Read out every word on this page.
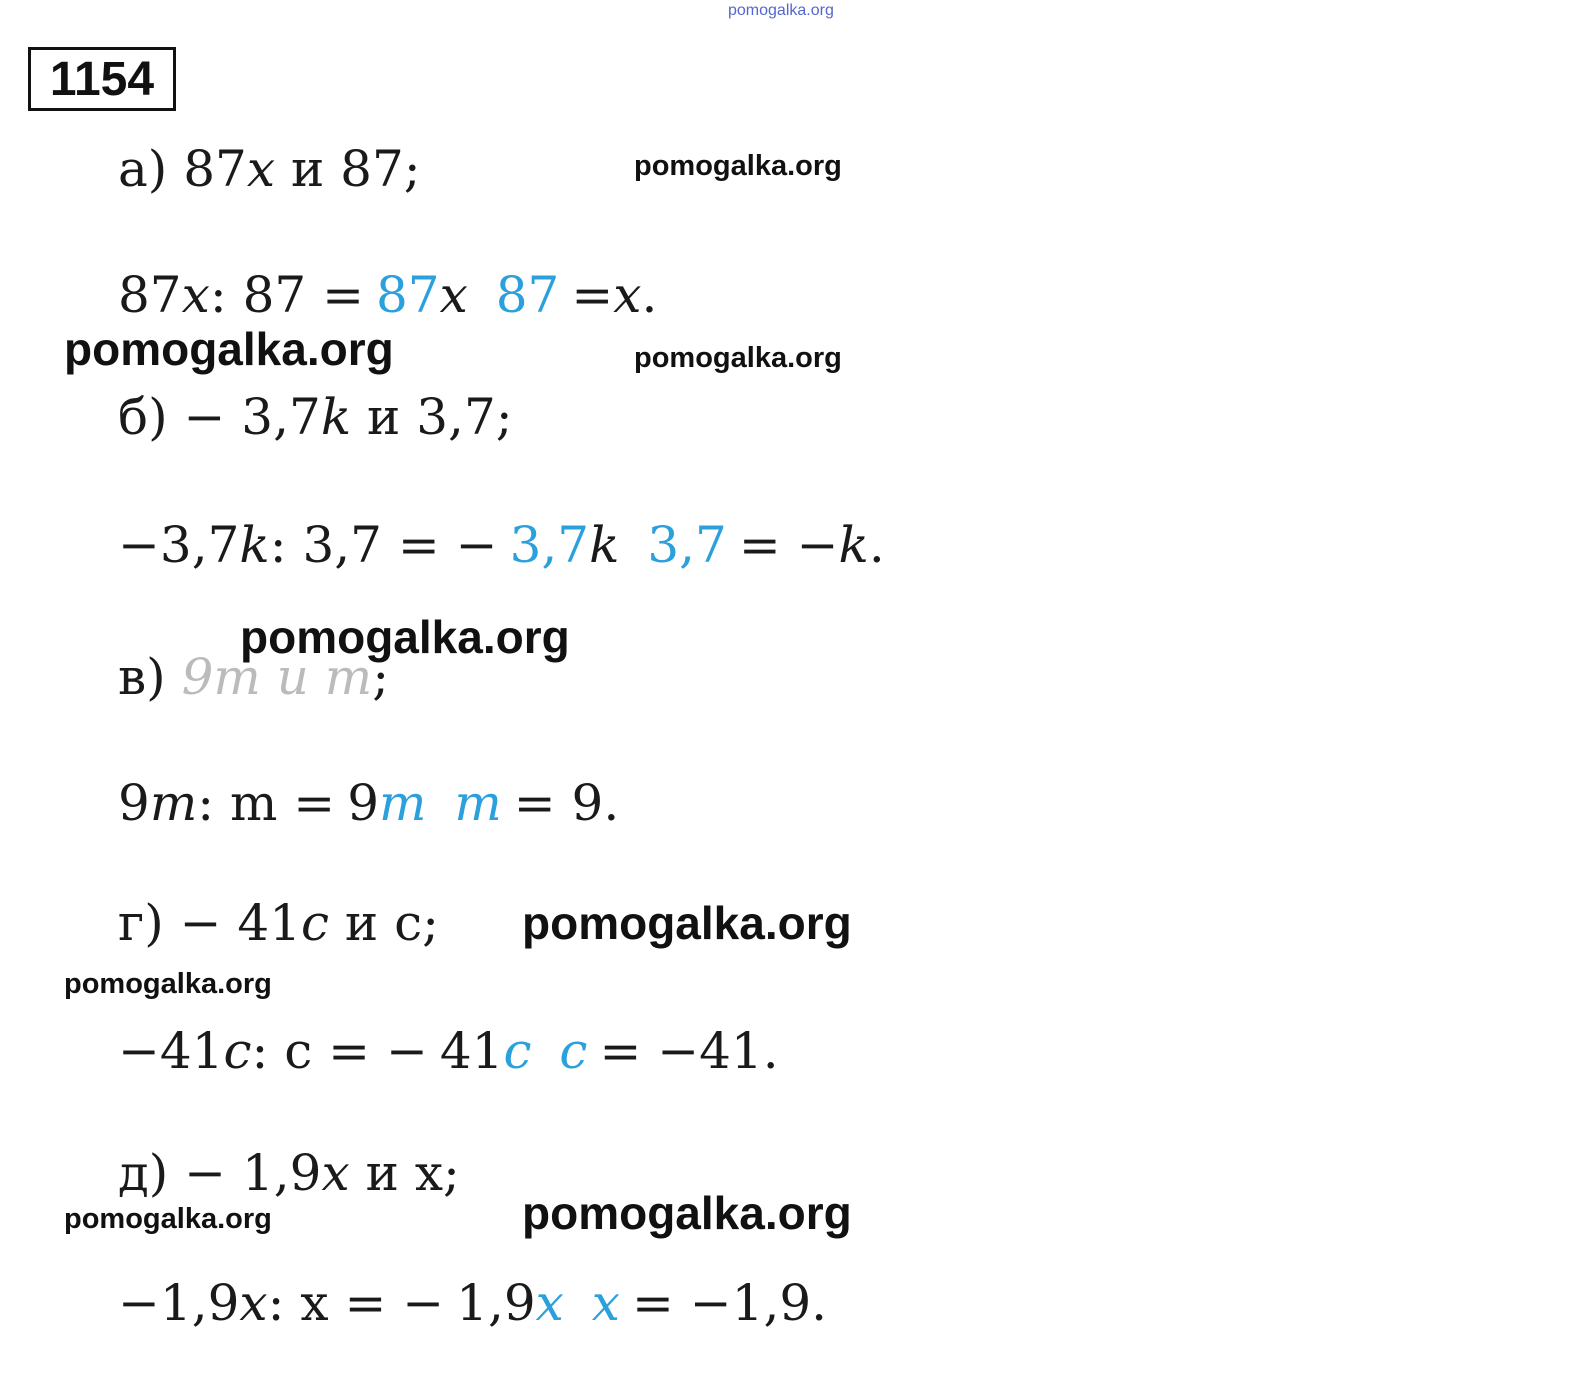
pomogalka.org
pomogalka.org
pomogalka.org	pomogalka.org
pomogalka.org
pomogalka.org
pomogalka.org
pomogalka.org
pomogalka.org
1154
а) 87x и 87;
87 x : 87 = 87x 87 = x .
б) − 3,7k и 3,7;
−3,7 k : 3,7 = − 3,7k 3,7 = − k .
в) 9m и m;
9 m : m = 9m m = 9.
г) − 41c и c;
−41 c : c = − 41c c = −41.
д) − 1,9x и x;
−1,9 x : x = − 1,9x x = −1,9.
